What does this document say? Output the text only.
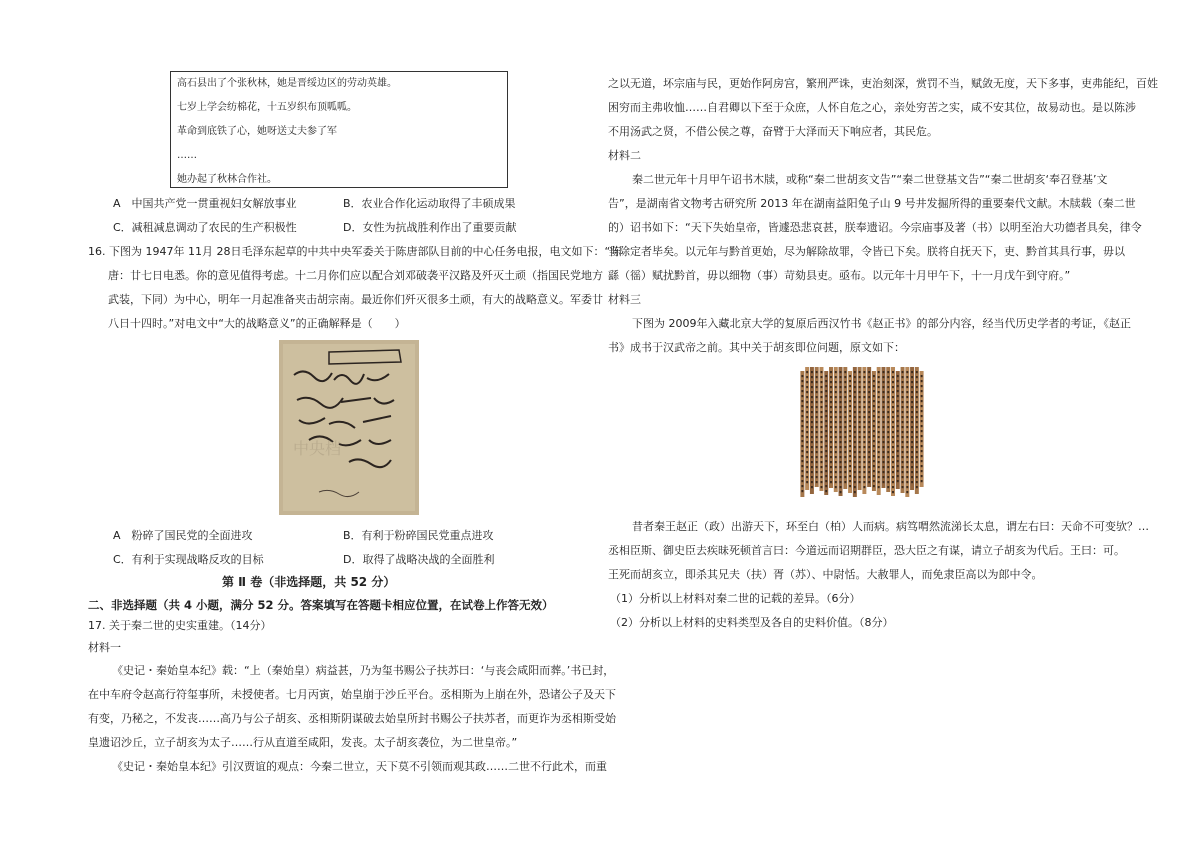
高石县出了个张秋林，她是晋绥边区的劳动英雄。
七岁上学会纺棉花，十五岁织布顶呱呱。
革命到底铁了心，她呀送丈夫参了军
……
她办起了秋林合作社。
A　中国共产党一贯重视妇女解放事业	B．农业合作化运动取得了丰硕成果
C．减租减息调动了农民的生产积极性	D．女性为抗战胜利作出了重要贡献
16. 下图为 1947年 11月 28日毛泽东起草的中共中央军委关于陈唐部队目前的中心任务电报，电文如下：“陈
唐：廿七日电悉。你的意见值得考虑。十二月你们应以配合刘邓破袭平汉路及歼灭土顽（指国民党地方
武装，下同）为中心，明年一月起准备夹击胡宗南。最近你们歼灭很多土顽，有大的战略意义。军委廿
八日十四时。”对电文中“大的战略意义”的正确解释是（　　）
中央档
A　粉碎了国民党的全面进攻	B．有利于粉碎国民党重点进攻
C．有利于实现战略反攻的目标	D．取得了战略决战的全面胜利
第 Ⅱ 卷（非选择题，共 52 分）
二、非选择题（共 4 小题，满分 52 分。答案填写在答题卡相应位置，在试卷上作答无效）
17. 关于秦二世的史实重建。（14分）
材料一
《史记・秦始皇本纪》载：“上（秦始皇）病益甚，乃为玺书赐公子扶苏曰：‘与丧会咸阳而葬。’书已封，
在中车府令赵高行符玺事所，未授使者。七月丙寅，始皇崩于沙丘平台。丞相斯为上崩在外，恐诸公子及天下
有变，乃秘之，不发丧……高乃与公子胡亥、丞相斯阴谋破去始皇所封书赐公子扶苏者，而更诈为丞相斯受始
皇遗诏沙丘，立子胡亥为太子……行从直道至咸阳，发丧。太子胡亥袭位，为二世皇帝。”
《史记・秦始皇本纪》引汉贾谊的观点：今秦二世立，天下莫不引领而观其政……二世不行此术，而重
之以无道，坏宗庙与民，更始作阿房宫，繁刑严诛，吏治刻深，赏罚不当，赋敛无度，天下多事，吏弗能纪，百姓
困穷而主弗收恤……自君卿以下至于众庶，人怀自危之心，亲处穷苦之实，咸不安其位，故易动也。是以陈涉
不用汤武之贤，不借公侯之尊，奋臂于大泽而天下响应者，其民危。
材料二
秦二世元年十月甲午诏书木牍，或称“秦二世胡亥文告”“秦二世登基文告”“秦二世胡亥‘奉召登基’文
告”，是湖南省文物考古研究所 2013 年在湖南益阳兔子山 9 号井发掘所得的重要秦代文献。木牍载（秦二世
的）诏书如下：“天下失始皇帝，皆遽恐悲哀甚，朕奉遗诏。今宗庙事及著（书）以明至治大功德者具矣，律令
当除定者毕矣。以元年与黔首更始，尽为解除故罪，令皆已下矣。朕将自抚天下，吏、黔首其具行事，毋以
繇（徭）赋扰黔首，毋以细物（事）苛劾县吏。亟布。以元年十月甲午下，十一月戊午到守府。”
材料三
下图为 2009年入藏北京大学的复原后西汉竹书《赵正书》的部分内容，经当代历史学者的考证，《赵正
书》成书于汉武帝之前。其中关于胡亥即位问题，原文如下：
昔者秦王赵正（政）出游天下，环至白（柏）人而病。病笃喟然流涕长太息，谓左右曰：天命不可变欤？…
丞相臣斯、御史臣去疾昧死顿首言曰：今道远而诏期群臣，恐大臣之有谋，请立子胡亥为代后。王曰：可。
王死而胡亥立，即杀其兄夫（扶）胥（苏）、中尉恬。大赦罪人，而免隶臣高以为郎中令。
（1）分析以上材料对秦二世的记载的差异。（6分）
（2）分析以上材料的史料类型及各自的史料价值。（8分）
